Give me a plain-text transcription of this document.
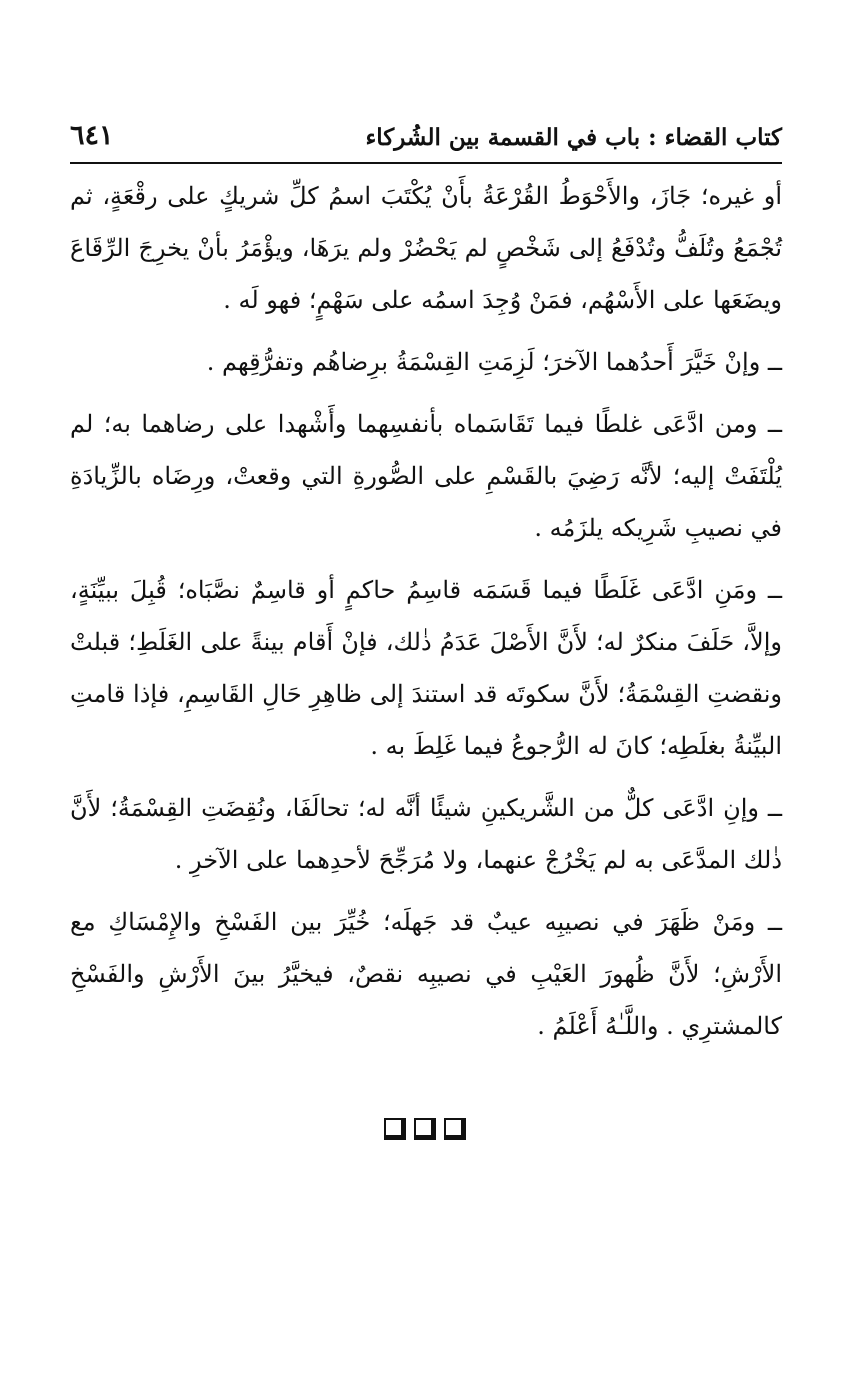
كتاب القضاء : باب في القسمة بين الشُركاء
٦٤١

أو غيره؛ جَازَ، والأَحْوَطُ القُرْعَةُ بأَنْ يُكْتَبَ اسمُ كلِّ شريكٍ على رقْعَةٍ، ثم تُجْمَعُ وتُلَفُّ وتُدْفَعُ إلى شَخْصٍ لم يَحْضُرْ ولم يرَهَا، ويؤْمَرُ بأنْ يخرِجَ الرِّقَاعَ ويضَعَها على الأَسْهُم، فمَنْ وُجِدَ اسمُه على سَهْمٍ؛ فهو لَه .

ــ وإنْ خَيَّرَ أَحدُهما الآخرَ؛ لَزِمَتِ القِسْمَةُ برِضاهُم وتفرُّقِهم .

ــ ومن ادَّعَى غلطًا فيما تَقَاسَماه بأنفسِهما وأَشْهدا على رضاهما به؛ لم يُلْتَفَتْ إليه؛ لأنَّه رَضِيَ بالقَسْمِ على الصُّورةِ التي وقعتْ، ورِضَاه بالزِّيادَةِ في نصيبِ شَرِيكه يلزَمُه .

ــ ومَنِ ادَّعَى غَلَطًا فيما قَسَمَه قاسِمُ حاكمٍ أو قاسِمٌ نصَّبَاه؛ قُبِلَ ببيِّنَةٍ، وإلاَّ، حَلَفَ منكرٌ له؛ لأَنَّ الأَصْلَ عَدَمُ ذٰلك، فإنْ أَقام بينةً على الغَلَطِ؛ قبلتْ ونقضتِ القِسْمَةُ؛ لأَنَّ سكوتَه قد استندَ إلى ظاهِرِ حَالِ القَاسِمِ، فإذا قامتِ البيِّنةُ بغلَطِه؛ كانَ له الرُّجوعُ فيما غَلِطَ به .

ــ وإنِ ادَّعَى كلٌّ من الشَّريكينِ شيئًا أنَّه له؛ تحالَفَا، ونُقِضَتِ القِسْمَةُ؛ لأَنَّ ذٰلك المدَّعَى به لم يَخْرُجْ عنهما، ولا مُرَجِّحَ لأحدِهما على الآخرِ .

ــ ومَنْ ظَهَرَ في نصيبِه عيبٌ قد جَهلَه؛ خُيِّرَ بين الفَسْخِ والإِمْسَاكِ مع الأَرْشِ؛ لأَنَّ ظُهورَ العَيْبِ في نصيبِه نقصٌ، فيخيَّرُ بينَ الأَرْشِ والفَسْخِ كالمشترِي . واللَّـٰهُ أَعْلَمُ .
